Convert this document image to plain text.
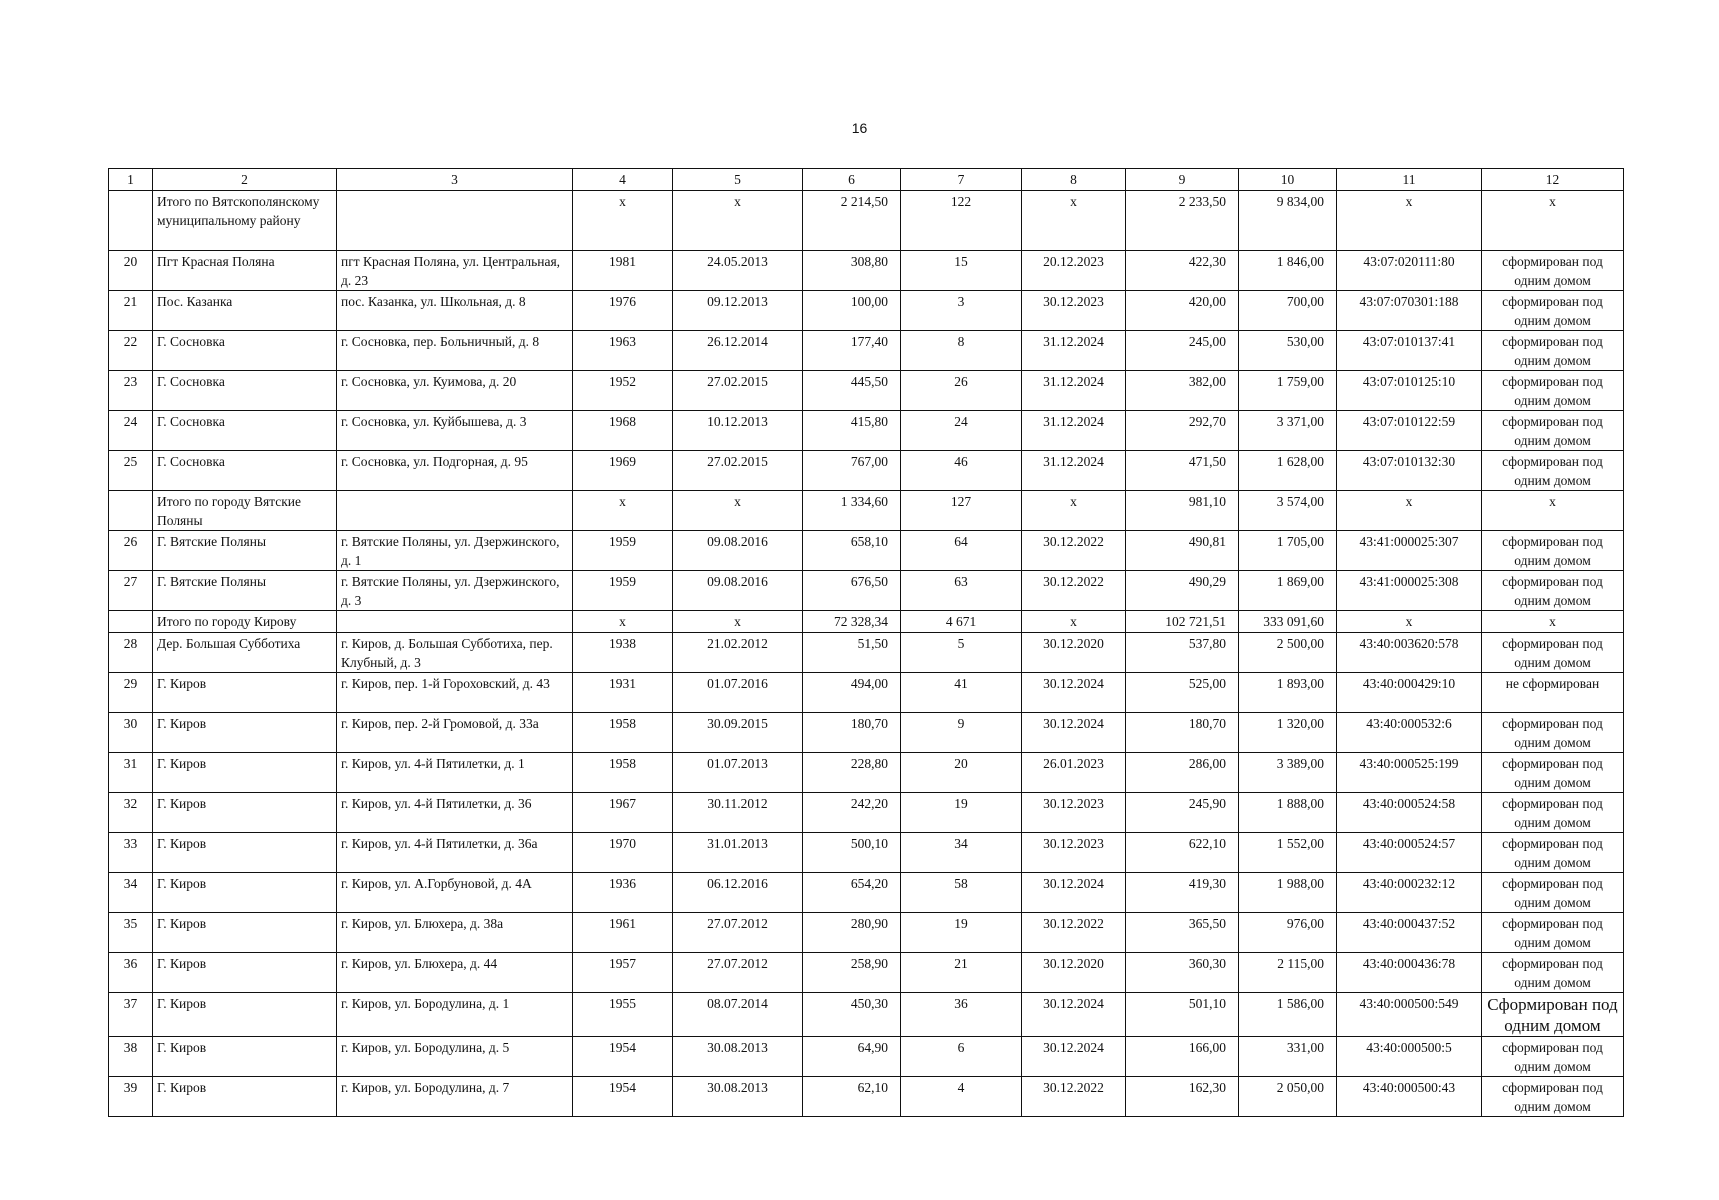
16
1	2	3	4	5	6	7	8	9	10	11	12
	Итого по Вятскополянскому муниципальному району		х	х	2 214,50	122	х	2 233,50	9 834,00	х	х
20	Пгт Красная Поляна	пгт Красная Поляна, ул. Центральная, д. 23	1981	24.05.2013	308,80	15	20.12.2023	422,30	1 846,00	43:07:020111:80	сформирован под одним домом
21	Пос. Казанка	пос. Казанка, ул. Школьная, д. 8	1976	09.12.2013	100,00	3	30.12.2023	420,00	700,00	43:07:070301:188	сформирован под одним домом
22	Г. Сосновка	г. Сосновка, пер. Больничный, д. 8	1963	26.12.2014	177,40	8	31.12.2024	245,00	530,00	43:07:010137:41	сформирован под одним домом
23	Г. Сосновка	г. Сосновка, ул. Куимова, д. 20	1952	27.02.2015	445,50	26	31.12.2024	382,00	1 759,00	43:07:010125:10	сформирован под одним домом
24	Г. Сосновка	г. Сосновка, ул. Куйбышева, д. 3	1968	10.12.2013	415,80	24	31.12.2024	292,70	3 371,00	43:07:010122:59	сформирован под одним домом
25	Г. Сосновка	г. Сосновка, ул. Подгорная, д. 95	1969	27.02.2015	767,00	46	31.12.2024	471,50	1 628,00	43:07:010132:30	сформирован под одним домом
	Итого по городу Вятские Поляны		х	х	1 334,60	127	х	981,10	3 574,00	х	х
26	Г. Вятские Поляны	г. Вятские Поляны, ул. Дзержинского, д. 1	1959	09.08.2016	658,10	64	30.12.2022	490,81	1 705,00	43:41:000025:307	сформирован под одним домом
27	Г. Вятские Поляны	г. Вятские Поляны, ул. Дзержинского, д. 3	1959	09.08.2016	676,50	63	30.12.2022	490,29	1 869,00	43:41:000025:308	сформирован под одним домом
	Итого по городу Кирову		х	х	72 328,34	4 671	х	102 721,51	333 091,60	х	х
28	Дер. Большая Субботиха	г. Киров, д. Большая Субботиха, пер. Клубный, д. 3	1938	21.02.2012	51,50	5	30.12.2020	537,80	2 500,00	43:40:003620:578	сформирован под одним домом
29	Г. Киров	г. Киров, пер. 1-й Гороховский, д. 43	1931	01.07.2016	494,00	41	30.12.2024	525,00	1 893,00	43:40:000429:10	не сформирован
30	Г. Киров	г. Киров, пер. 2-й Громовой, д. 33а	1958	30.09.2015	180,70	9	30.12.2024	180,70	1 320,00	43:40:000532:6	сформирован под одним домом
31	Г. Киров	г. Киров, ул. 4-й Пятилетки, д. 1	1958	01.07.2013	228,80	20	26.01.2023	286,00	3 389,00	43:40:000525:199	сформирован под одним домом
32	Г. Киров	г. Киров, ул. 4-й Пятилетки, д. 36	1967	30.11.2012	242,20	19	30.12.2023	245,90	1 888,00	43:40:000524:58	сформирован под одним домом
33	Г. Киров	г. Киров, ул. 4-й Пятилетки, д. 36а	1970	31.01.2013	500,10	34	30.12.2023	622,10	1 552,00	43:40:000524:57	сформирован под одним домом
34	Г. Киров	г. Киров, ул. А.Горбуновой, д. 4А	1936	06.12.2016	654,20	58	30.12.2024	419,30	1 988,00	43:40:000232:12	сформирован под одним домом
35	Г. Киров	г. Киров, ул. Блюхера, д. 38а	1961	27.07.2012	280,90	19	30.12.2022	365,50	976,00	43:40:000437:52	сформирован под одним домом
36	Г. Киров	г. Киров, ул. Блюхера, д. 44	1957	27.07.2012	258,90	21	30.12.2020	360,30	2 115,00	43:40:000436:78	сформирован под одним домом
37	Г. Киров	г. Киров, ул. Бородулина, д. 1	1955	08.07.2014	450,30	36	30.12.2024	501,10	1 586,00	43:40:000500:549	Сформирован под одним домом
38	Г. Киров	г. Киров, ул. Бородулина, д. 5	1954	30.08.2013	64,90	6	30.12.2024	166,00	331,00	43:40:000500:5	сформирован под одним домом
39	Г. Киров	г. Киров, ул. Бородулина, д. 7	1954	30.08.2013	62,10	4	30.12.2022	162,30	2 050,00	43:40:000500:43	сформирован под одним домом
